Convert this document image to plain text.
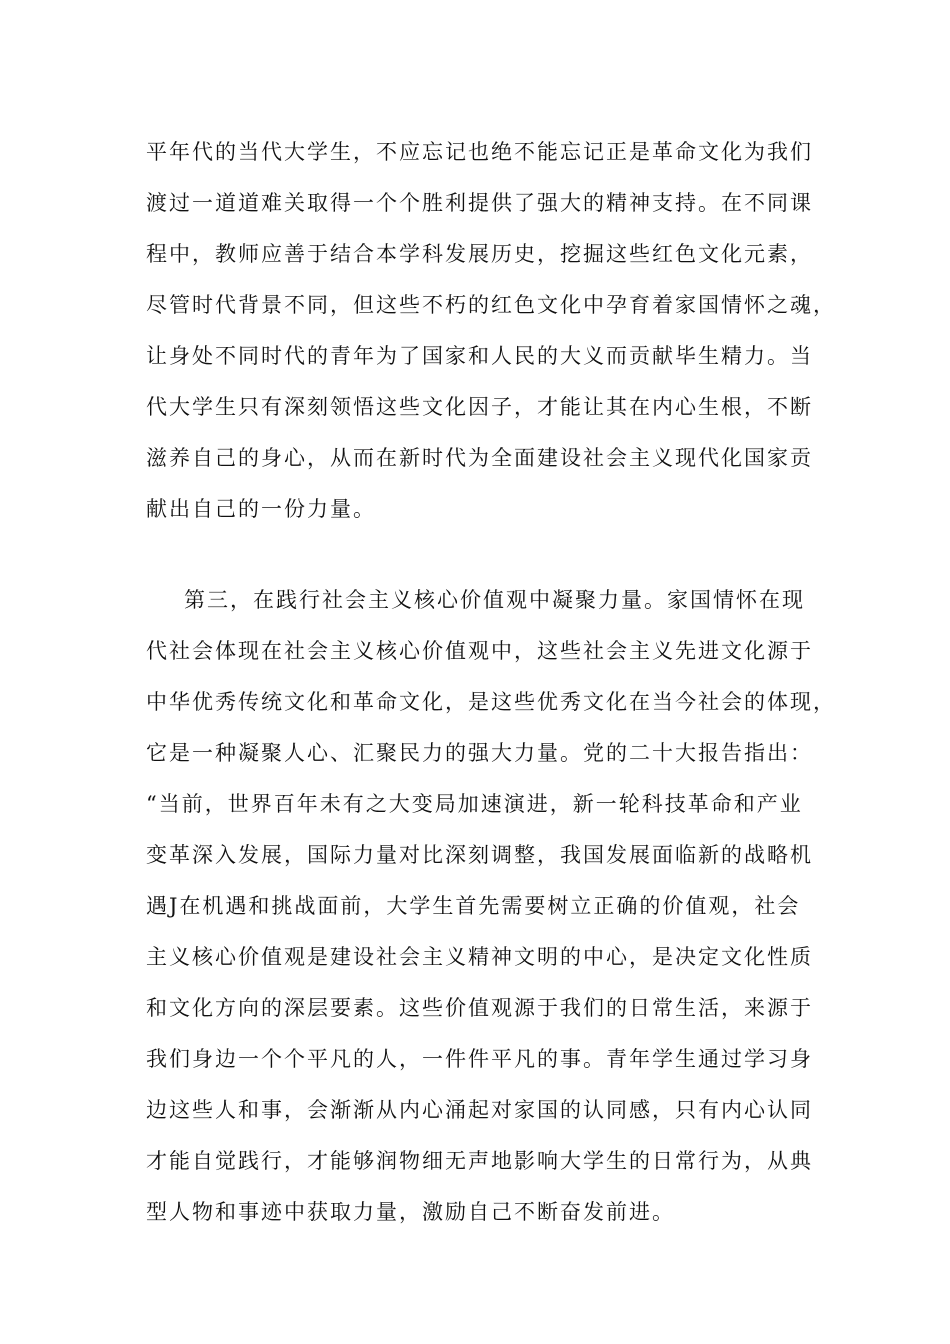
平年代的当代大学生，不应忘记也绝不能忘记正是革命文化为我们
渡过一道道难关取得一个个胜利提供了强大的精神支持。在不同课
程中，教师应善于结合本学科发展历史，挖掘这些红色文化元素，
尽管时代背景不同，但这些不朽的红色文化中孕育着家国情怀之魂，
让身处不同时代的青年为了国家和人民的大义而贡献毕生精力。当
代大学生只有深刻领悟这些文化因子，才能让其在内心生根，不断
滋养自己的身心，从而在新时代为全面建设社会主义现代化国家贡
献出自己的一份力量。
第三，在践行社会主义核心价值观中凝聚力量。家国情怀在现
代社会体现在社会主义核心价值观中，这些社会主义先进文化源于
中华优秀传统文化和革命文化，是这些优秀文化在当今社会的体现，
它是一种凝聚人心、汇聚民力的强大力量。党的二十大报告指出：
“当前，世界百年未有之大变局加速演进，新一轮科技革命和产业
变革深入发展，国际力量对比深刻调整，我国发展面临新的战略机
遇J在机遇和挑战面前，大学生首先需要树立正确的价值观，社会
主义核心价值观是建设社会主义精神文明的中心，是决定文化性质
和文化方向的深层要素。这些价值观源于我们的日常生活，来源于
我们身边一个个平凡的人，一件件平凡的事。青年学生通过学习身
边这些人和事，会渐渐从内心涌起对家国的认同感，只有内心认同
才能自觉践行，才能够润物细无声地影响大学生的日常行为，从典
型人物和事迹中获取力量，激励自己不断奋发前进。
